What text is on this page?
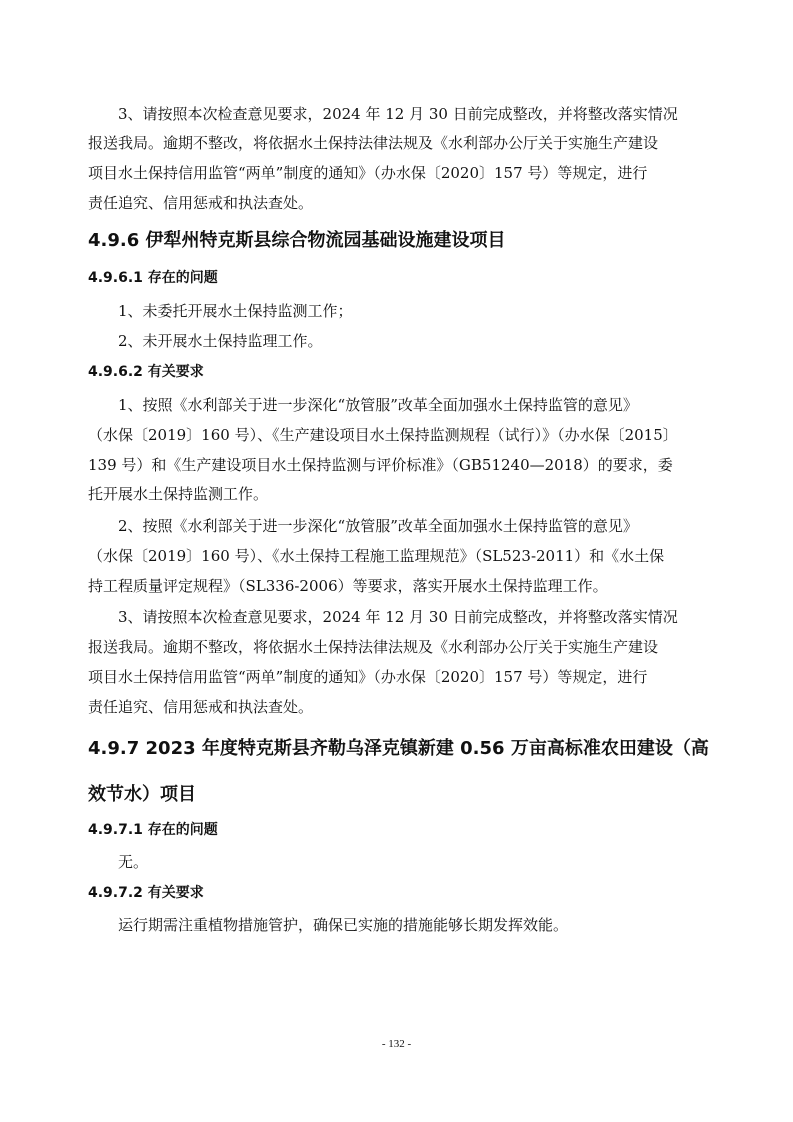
3、请按照本次检查意见要求，2024 年 12 月 30 日前完成整改，并将整改落实情况

报送我局。逾期不整改，将依据水土保持法律法规及《水利部办公厅关于实施生产建设

项目水土保持信用监管“两单”制度的通知》（办水保〔2020〕157 号）等规定，进行

责任追究、信用惩戒和执法查处。

4.9.6 伊犁州特克斯县综合物流园基础设施建设项目
4.9.6.1 存在的问题

1、未委托开展水土保持监测工作；

2、未开展水土保持监理工作。

4.9.6.2 有关要求

1、按照《水利部关于进一步深化“放管服”改革全面加强水土保持监管的意见》

（水保〔2019〕160 号）、《生产建设项目水土保持监测规程（试行）》（办水保〔2015〕

139 号）和《生产建设项目水土保持监测与评价标准》（GB51240—2018）的要求，委

托开展水土保持监测工作。

2、按照《水利部关于进一步深化“放管服”改革全面加强水土保持监管的意见》

（水保〔2019〕160 号）、《水土保持工程施工监理规范》（SL523-2011）和《水土保

持工程质量评定规程》（SL336-2006）等要求，落实开展水土保持监理工作。

3、请按照本次检查意见要求，2024 年 12 月 30 日前完成整改，并将整改落实情况

报送我局。逾期不整改，将依据水土保持法律法规及《水利部办公厅关于实施生产建设

项目水土保持信用监管“两单”制度的通知》（办水保〔2020〕157 号）等规定，进行

责任追究、信用惩戒和执法查处。

4.9.7 2023 年度特克斯县齐勒乌泽克镇新建 0.56 万亩高标准农田建设（高
效节水）项目
4.9.7.1 存在的问题

无。

4.9.7.2 有关要求

运行期需注重植物措施管护，确保已实施的措施能够长期发挥效能。

- 132 -
